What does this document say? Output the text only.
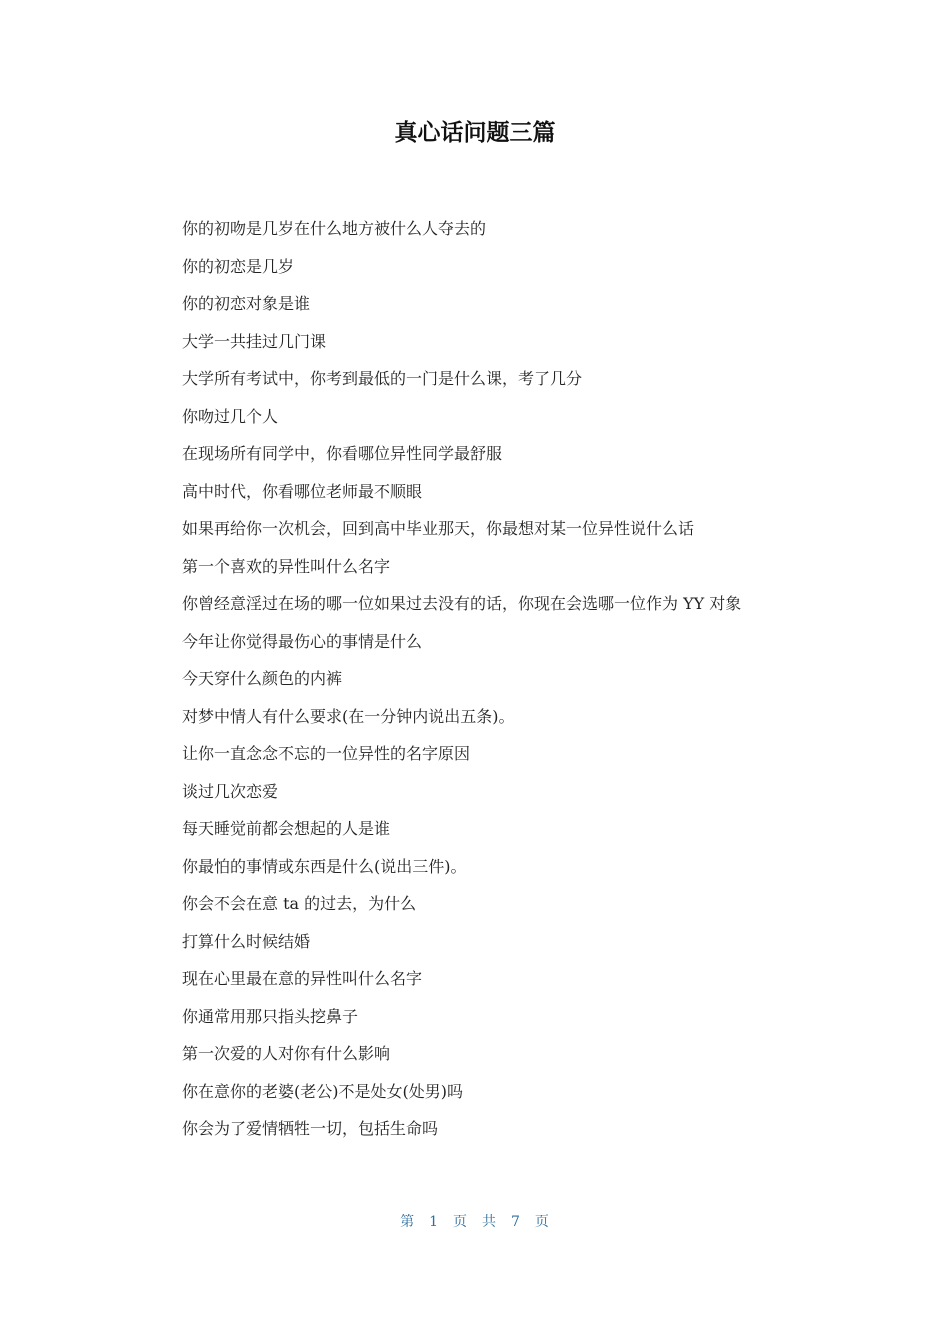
真心话问题三篇

你的初吻是几岁在什么地方被什么人夺去的

你的初恋是几岁

你的初恋对象是谁

大学一共挂过几门课

大学所有考试中，你考到最低的一门是什么课，考了几分

你吻过几个人

在现场所有同学中，你看哪位异性同学最舒服

高中时代，你看哪位老师最不顺眼

如果再给你一次机会，回到高中毕业那天，你最想对某一位异性说什么话

第一个喜欢的异性叫什么名字

你曾经意淫过在场的哪一位如果过去没有的话，你现在会选哪一位作为 YY 对象

今年让你觉得最伤心的事情是什么

今天穿什么颜色的内裤

对梦中情人有什么要求(在一分钟内说出五条)。

让你一直念念不忘的一位异性的名字原因

谈过几次恋爱

每天睡觉前都会想起的人是谁

你最怕的事情或东西是什么(说出三件)。

你会不会在意 ta 的过去，为什么

打算什么时候结婚

现在心里最在意的异性叫什么名字

你通常用那只指头挖鼻子

第一次爱的人对你有什么影响

你在意你的老婆(老公)不是处女(处男)吗

你会为了爱情牺牲一切，包括生命吗

第 1 页 共 7 页
